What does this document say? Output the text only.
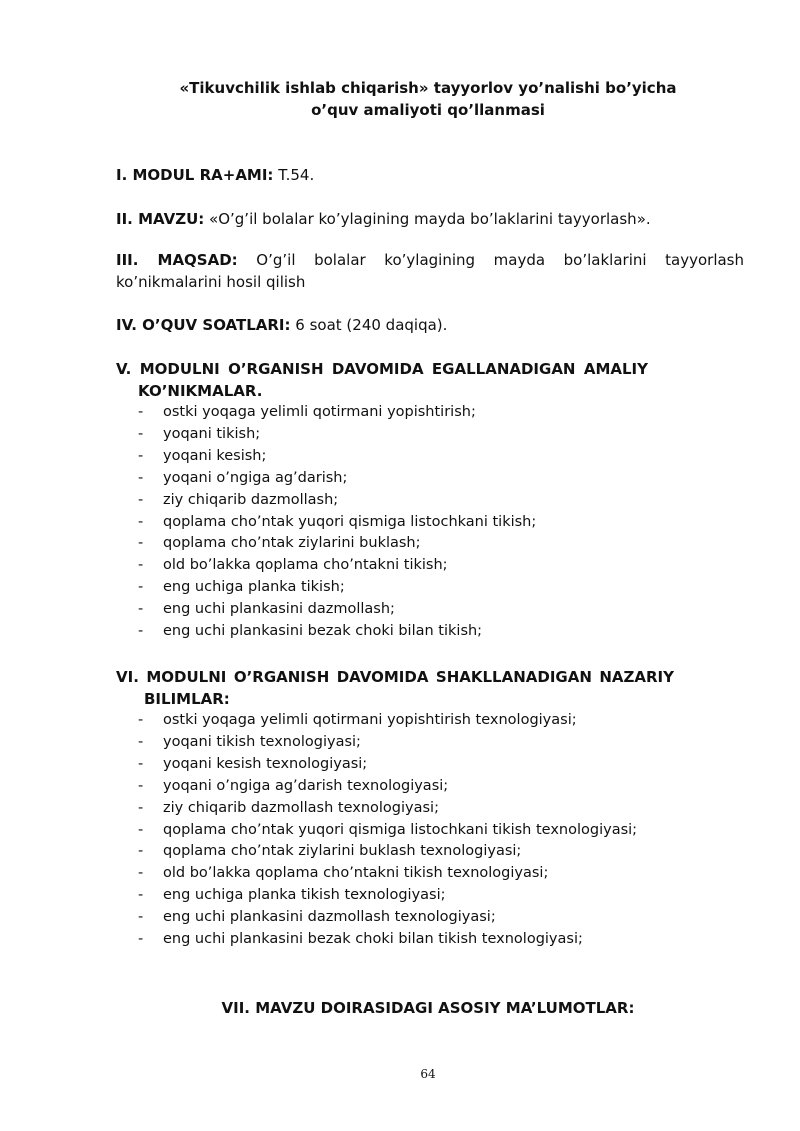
«Tikuvchilik ishlab chiqarish» tayyorlov yo’nalishi bo’yicha
o’quv amaliyoti qo’llanmasi
I. MODUL RA+AMI: T.54.
II. MAVZU: «O’g’il bolalar ko’ylagining mayda bo’laklarini tayyorlash».
III. MAQSAD: O’g’il bolalar ko’ylagining mayda bo’laklarini tayyorlash
ko’nikmalarini hosil qilish
IV. O’QUV SOATLARI: 6 soat (240 daqiqa).
V. MODULNI O’RGANISH DAVOMIDA EGALLANADIGAN AMALIY
KO’NIKMALAR.
- ostki yoqaga yelimli qotirmani yopishtirish;
- yoqani tikish;
- yoqani kesish;
- yoqani o’ngiga ag’darish;
- ziy chiqarib dazmollash;
- qoplama cho’ntak yuqori qismiga listochkani tikish;
- qoplama cho’ntak ziylarini buklash;
- old bo’lakka qoplama cho’ntakni tikish;
- eng uchiga planka tikish;
- eng uchi plankasini dazmollash;
- eng uchi plankasini bezak choki bilan tikish;
VI. MODULNI O’RGANISH DAVOMIDA SHAKLLANADIGAN NAZARIY
BILIMLAR:
- ostki yoqaga yelimli qotirmani yopishtirish texnologiyasi;
- yoqani tikish texnologiyasi;
- yoqani kesish texnologiyasi;
- yoqani o’ngiga ag’darish texnologiyasi;
- ziy chiqarib dazmollash texnologiyasi;
- qoplama cho’ntak yuqori qismiga listochkani tikish texnologiyasi;
- qoplama cho’ntak ziylarini buklash texnologiyasi;
- old bo’lakka qoplama cho’ntakni tikish texnologiyasi;
- eng uchiga planka tikish texnologiyasi;
- eng uchi plankasini dazmollash texnologiyasi;
- eng uchi plankasini bezak choki bilan tikish texnologiyasi;
VII. MAVZU DOIRASIDAGI ASOSIY MA’LUMOTLAR:
64
